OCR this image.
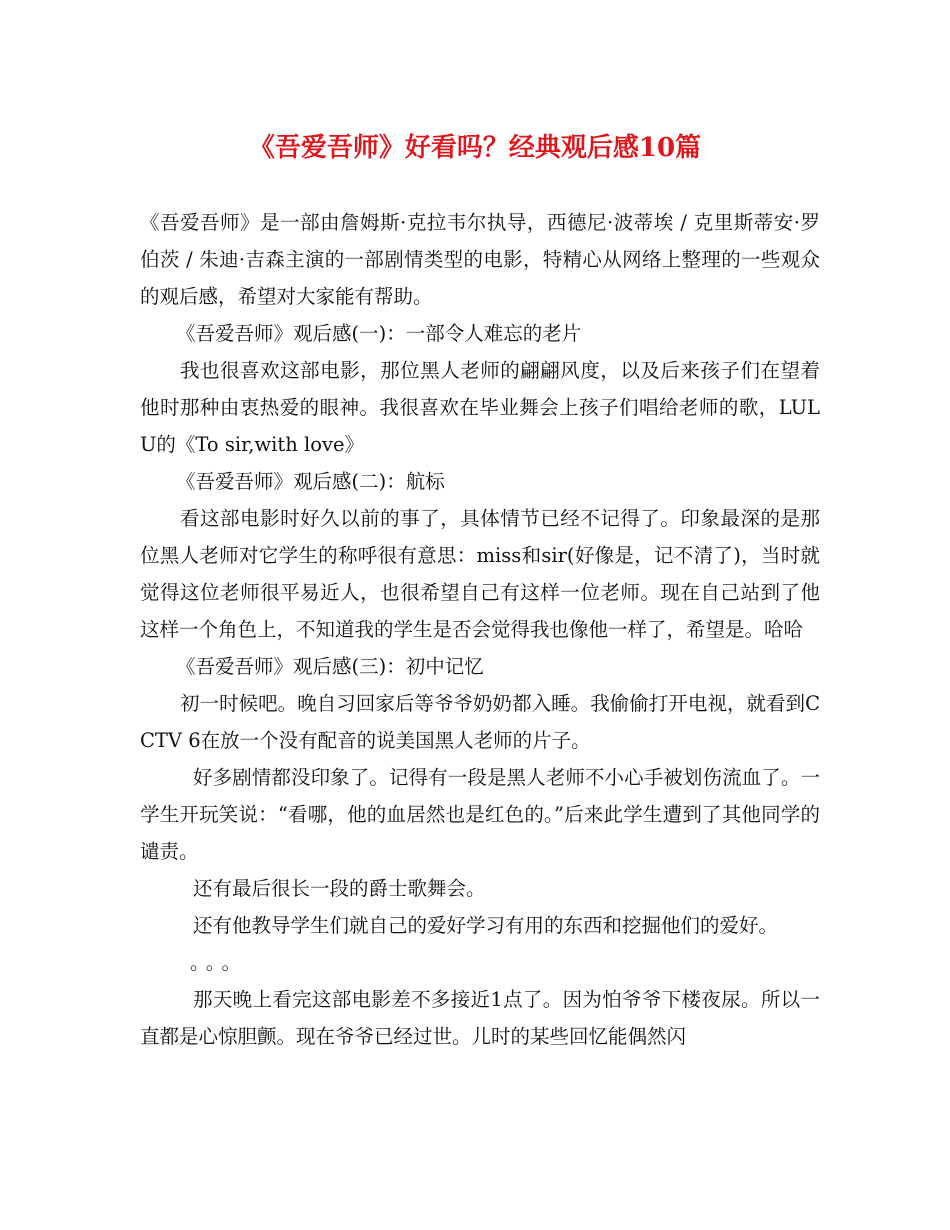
《吾爱吾师》好看吗？经典观后感10篇

《吾爱吾师》是一部由詹姆斯·克拉韦尔执导，西德尼·波蒂埃 / 克里斯蒂安·罗伯茨 / 朱迪·吉森主演的一部剧情类型的电影，特精心从网络上整理的一些观众的观后感，希望对大家能有帮助。

《吾爱吾师》观后感(一)：一部令人难忘的老片

我也很喜欢这部电影，那位黑人老师的翩翩风度，以及后来孩子们在望着他时那种由衷热爱的眼神。我很喜欢在毕业舞会上孩子们唱给老师的歌，LULU的《To sir,with love》

《吾爱吾师》观后感(二)：航标

看这部电影时好久以前的事了，具体情节已经不记得了。印象最深的是那位黑人老师对它学生的称呼很有意思：miss和sir(好像是，记不清了)，当时就觉得这位老师很平易近人，也很希望自己有这样一位老师。现在自己站到了他这样一个角色上，不知道我的学生是否会觉得我也像他一样了，希望是。哈哈

《吾爱吾师》观后感(三)：初中记忆

初一时候吧。晚自习回家后等爷爷奶奶都入睡。我偷偷打开电视，就看到CCTV 6在放一个没有配音的说美国黑人老师的片子。

好多剧情都没印象了。记得有一段是黑人老师不小心手被划伤流血了。一学生开玩笑说：“看哪，他的血居然也是红色的。”后来此学生遭到了其他同学的谴责。

还有最后很长一段的爵士歌舞会。

还有他教导学生们就自己的爱好学习有用的东西和挖掘他们的爱好。

。。。

那天晚上看完这部电影差不多接近1点了。因为怕爷爷下楼夜尿。所以一直都是心惊胆颤。现在爷爷已经过世。儿时的某些回忆能偶然闪
